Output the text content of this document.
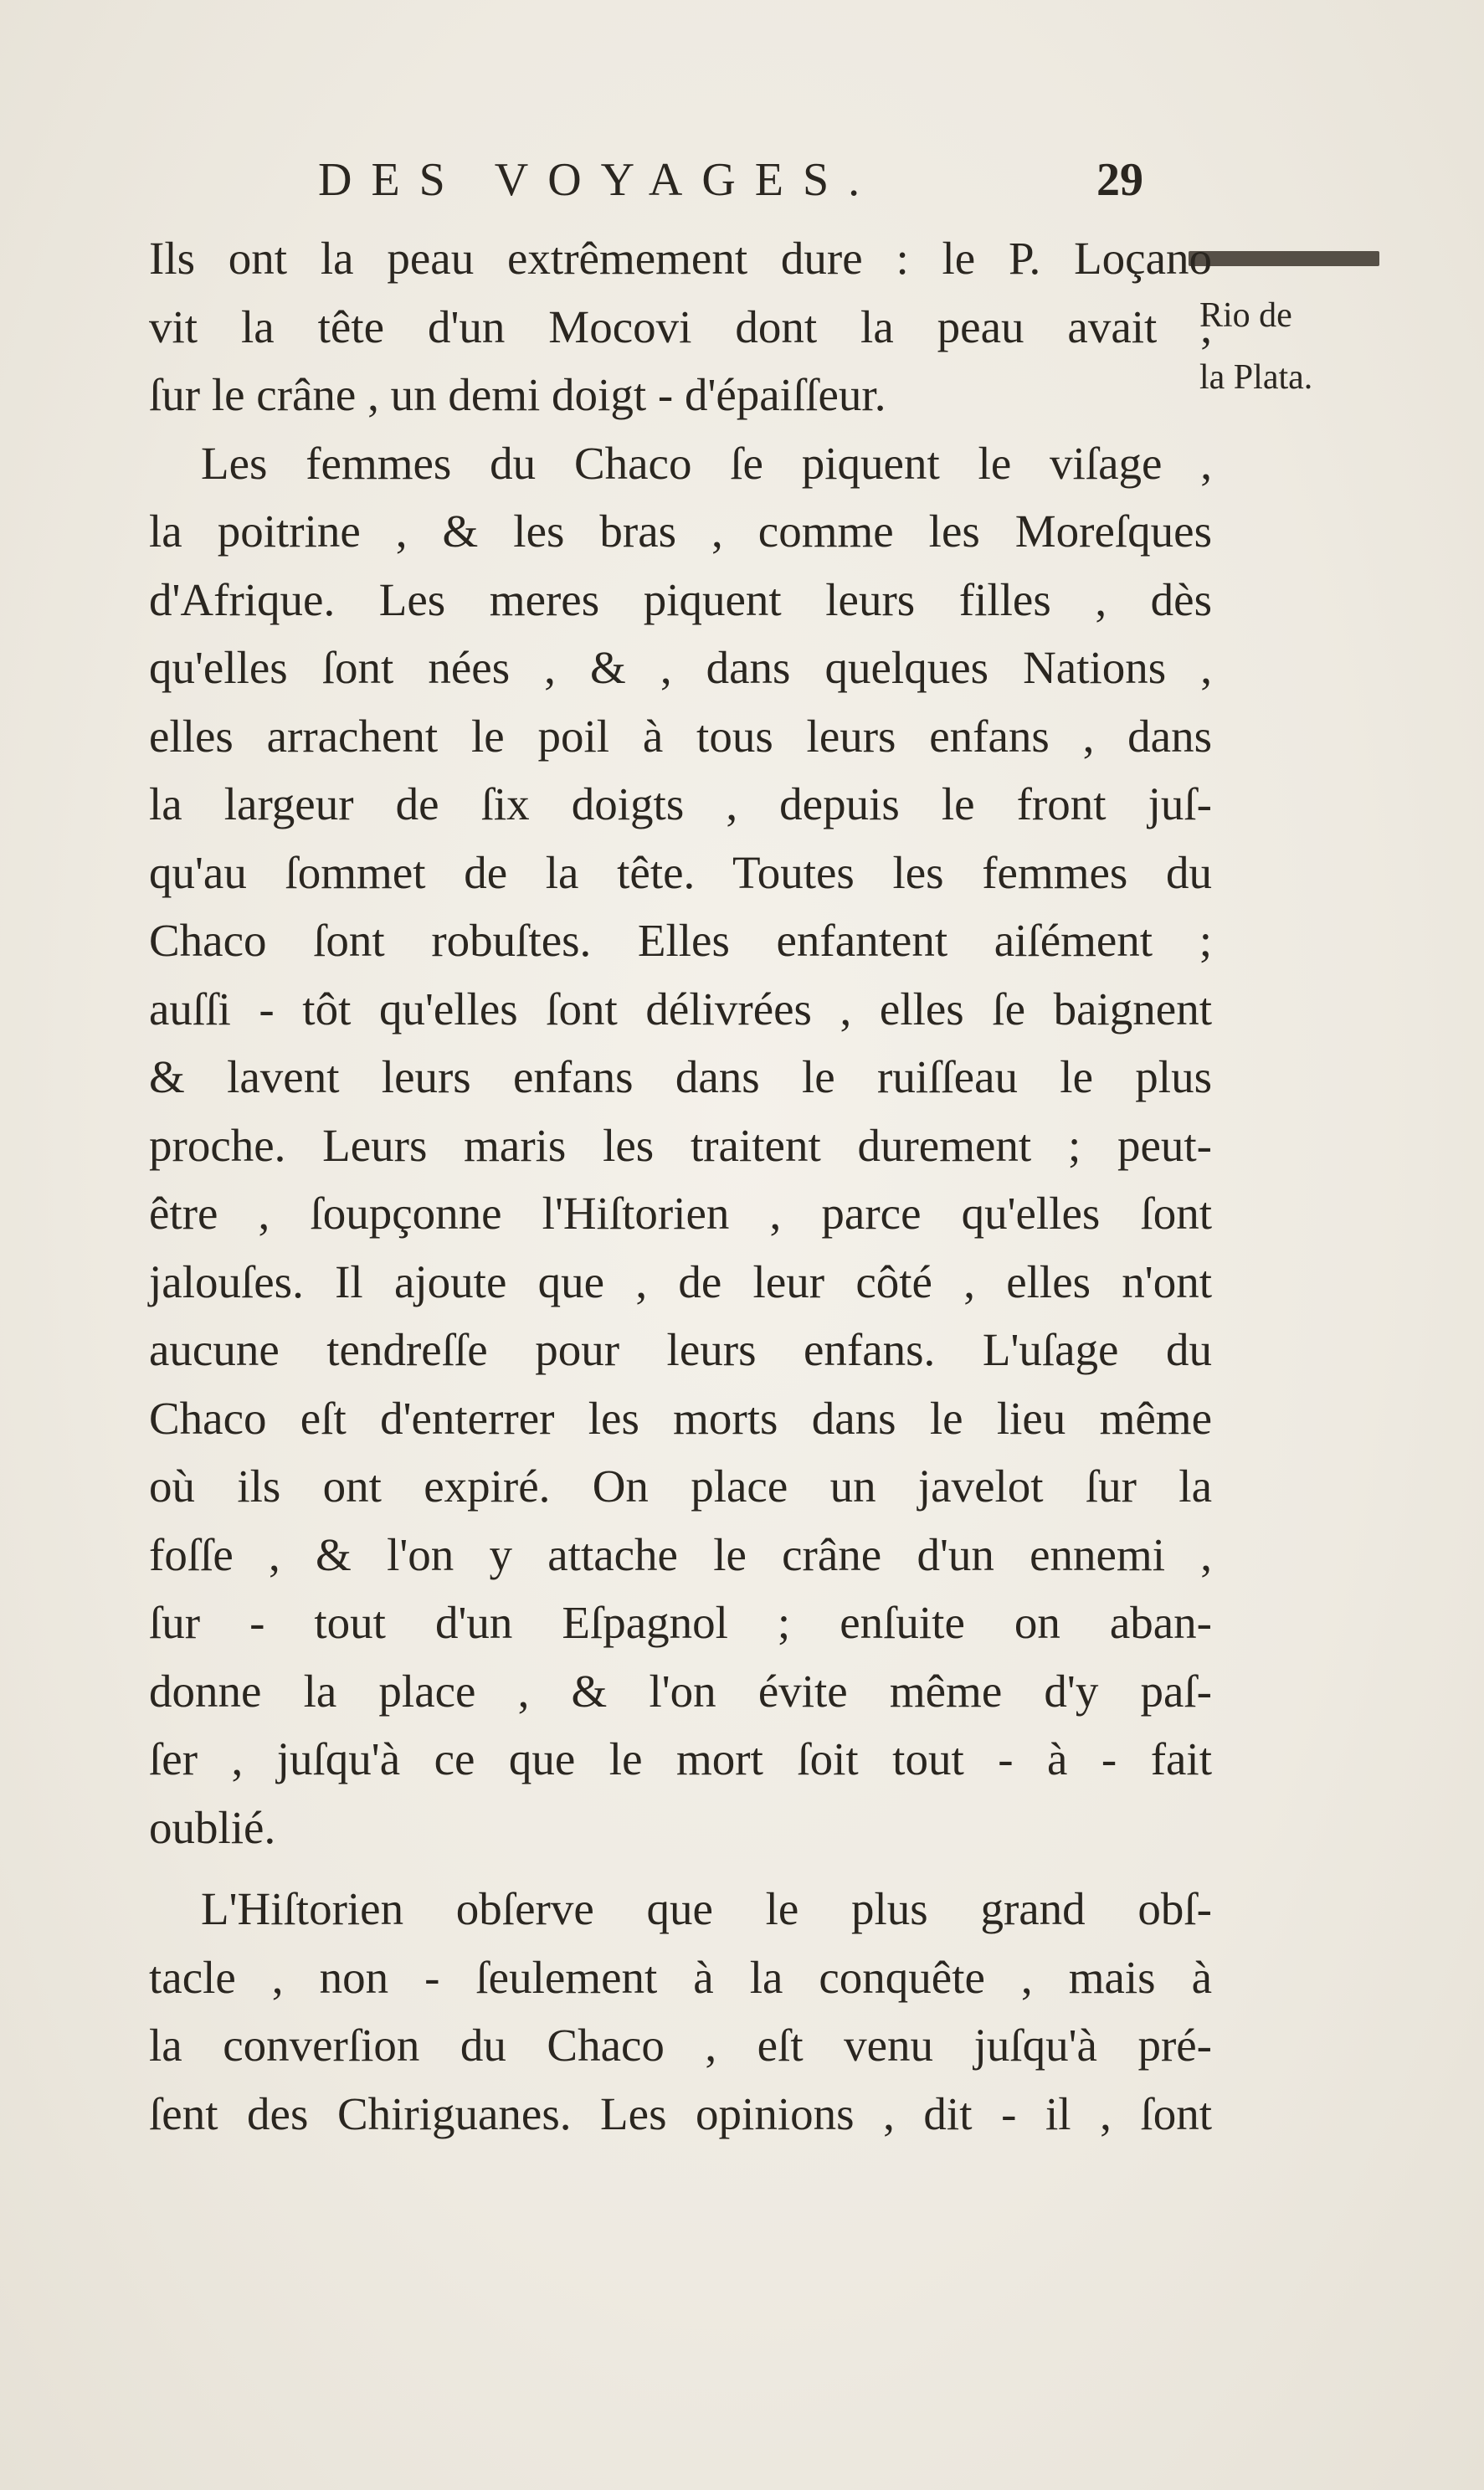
DES VOYAGES.	29
Rio de
la Plata.
Ils ont la peau extrêmement dure : le P. Loçano
vit la tête d'un Mocovi dont la peau avait ,
ſur le crâne , un demi doigt - d'épaiſſeur.
Les femmes du Chaco ſe piquent le viſage ,
la poitrine , & les bras , comme les Moreſques
d'Afrique. Les meres piquent leurs filles , dès
qu'elles ſont nées , & , dans quelques Nations ,
elles arrachent le poil à tous leurs enfans , dans
la largeur de ſix doigts , depuis le front juſ-
qu'au ſommet de la tête. Toutes les femmes du
Chaco ſont robuſtes. Elles enfantent aiſément ;
auſſi - tôt qu'elles ſont délivrées , elles ſe baignent
& lavent leurs enfans dans le ruiſſeau le plus
proche. Leurs maris les traitent durement ; peut-
être , ſoupçonne l'Hiſtorien , parce qu'elles ſont
jalouſes. Il ajoute que , de leur côté , elles n'ont
aucune tendreſſe pour leurs enfans. L'uſage du
Chaco eſt d'enterrer les morts dans le lieu même
où ils ont expiré. On place un javelot ſur la
foſſe , & l'on y attache le crâne d'un ennemi ,
ſur - tout d'un Eſpagnol ; enſuite on aban-
donne la place , & l'on évite même d'y paſ-
ſer , juſqu'à ce que le mort ſoit tout - à - fait
oublié.
L'Hiſtorien obſerve que le plus grand obſ-
tacle , non - ſeulement à la conquête , mais à
la converſion du Chaco , eſt venu juſqu'à pré-
ſent des Chiriguanes. Les opinions , dit - il , ſont
